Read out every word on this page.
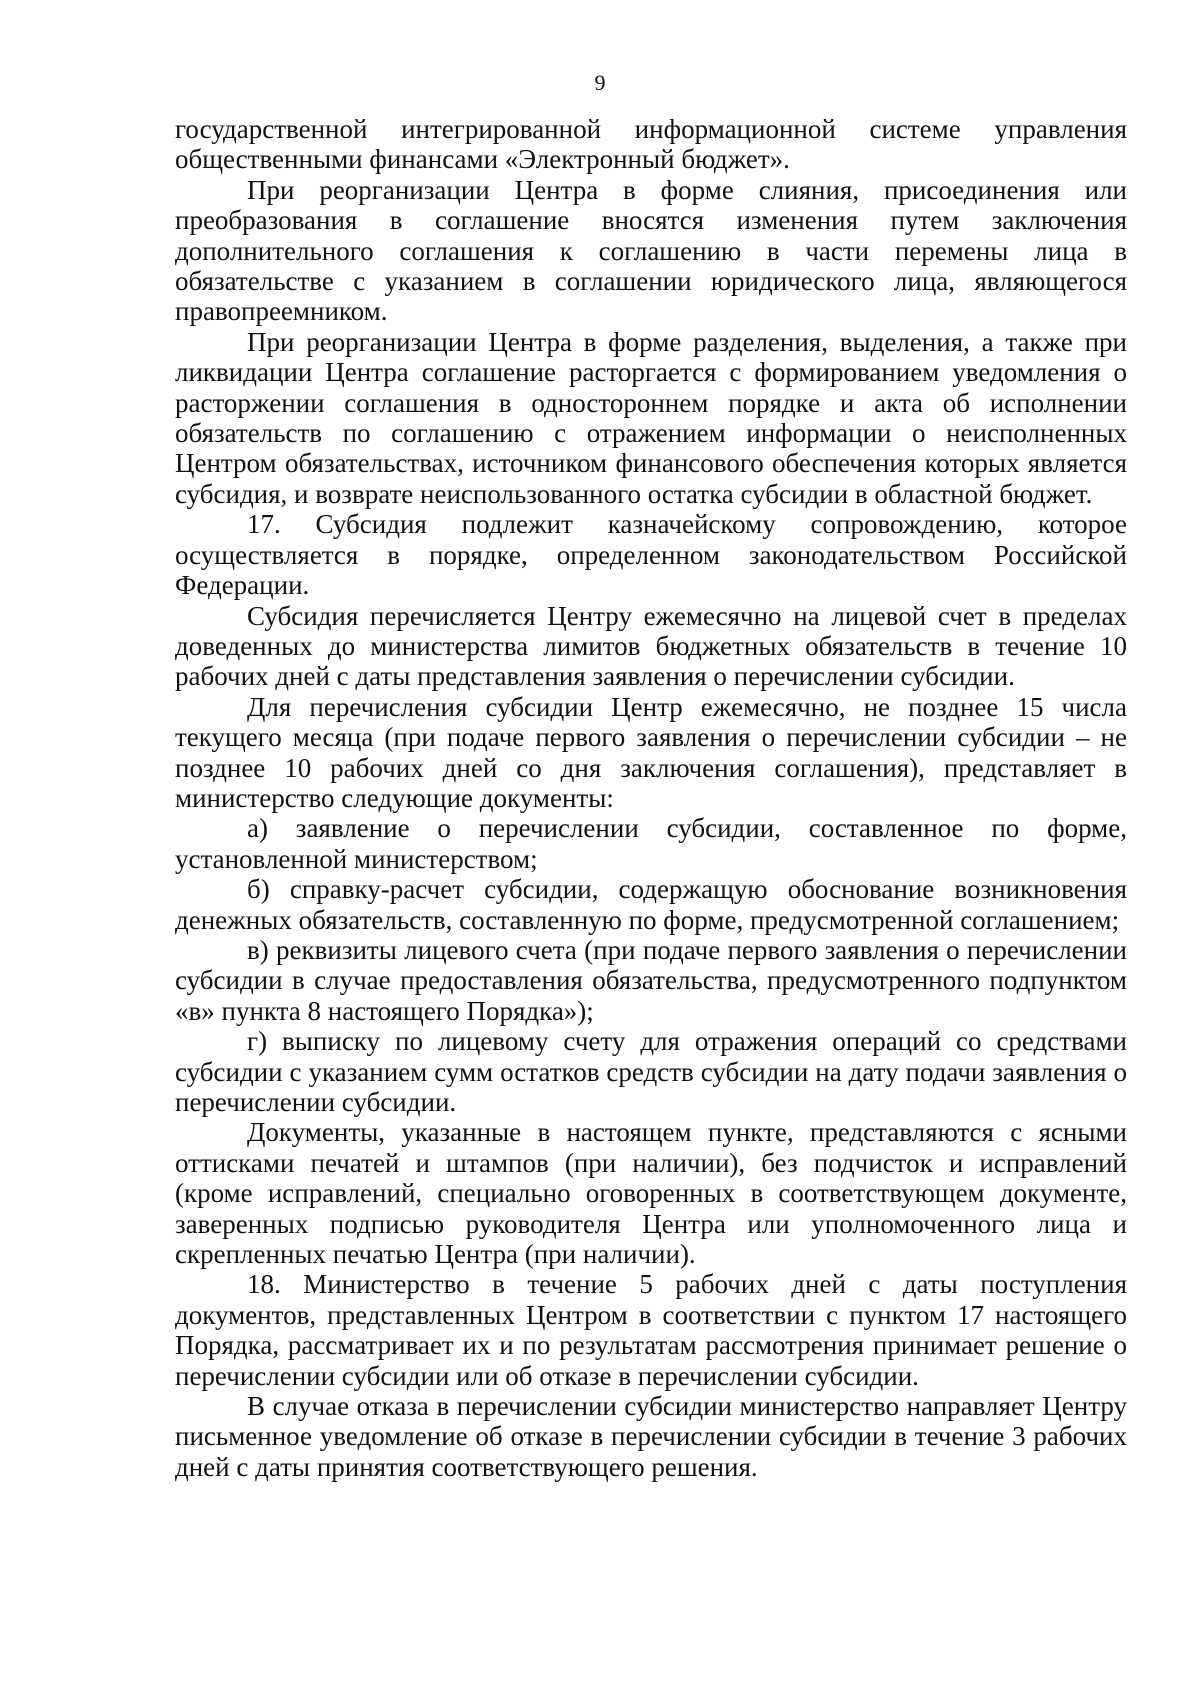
9

государственной интегрированной информационной системе управления общественными финансами «Электронный бюджет».

При реорганизации Центра в форме слияния, присоединения или преобразования в соглашение вносятся изменения путем заключения дополнительного соглашения к соглашению в части перемены лица в обязательстве с указанием в соглашении юридического лица, являющегося правопреемником.

При реорганизации Центра в форме разделения, выделения, а также при ликвидации Центра соглашение расторгается с формированием уведомления о расторжении соглашения в одностороннем порядке и акта об исполнении обязательств по соглашению с отражением информации о неисполненных Центром обязательствах, источником финансового обеспечения которых является субсидия, и возврате неиспользованного остатка субсидии в областной бюджет.

17. Субсидия подлежит казначейскому сопровождению, которое осуществляется в порядке, определенном законодательством Российской Федерации.

Субсидия перечисляется Центру ежемесячно на лицевой счет в пределах доведенных до министерства лимитов бюджетных обязательств в течение 10 рабочих дней с даты представления заявления о перечислении субсидии.

Для перечисления субсидии Центр ежемесячно, не позднее 15 числа текущего месяца (при подаче первого заявления о перечислении субсидии – не позднее 10 рабочих дней со дня заключения соглашения), представляет в министерство следующие документы:

а) заявление о перечислении субсидии, составленное по форме, установленной министерством;

б) справку-расчет субсидии, содержащую обоснование возникновения денежных обязательств, составленную по форме, предусмотренной соглашением;

в) реквизиты лицевого счета (при подаче первого заявления о перечислении субсидии в случае предоставления обязательства, предусмотренного подпунктом «в» пункта 8 настоящего Порядка»);

г) выписку по лицевому счету для отражения операций со средствами субсидии с указанием сумм остатков средств субсидии на дату подачи заявления о перечислении субсидии.

Документы, указанные в настоящем пункте, представляются с ясными оттисками печатей и штампов (при наличии), без подчисток и исправлений (кроме исправлений, специально оговоренных в соответствующем документе, заверенных подписью руководителя Центра или уполномоченного лица и скрепленных печатью Центра (при наличии).

18. Министерство в течение 5 рабочих дней с даты поступления документов, представленных Центром в соответствии с пунктом 17 настоящего Порядка, рассматривает их и по результатам рассмотрения принимает решение о перечислении субсидии или об отказе в перечислении субсидии.

В случае отказа в перечислении субсидии министерство направляет Центру письменное уведомление об отказе в перечислении субсидии в течение 3 рабочих дней с даты принятия соответствующего решения.
